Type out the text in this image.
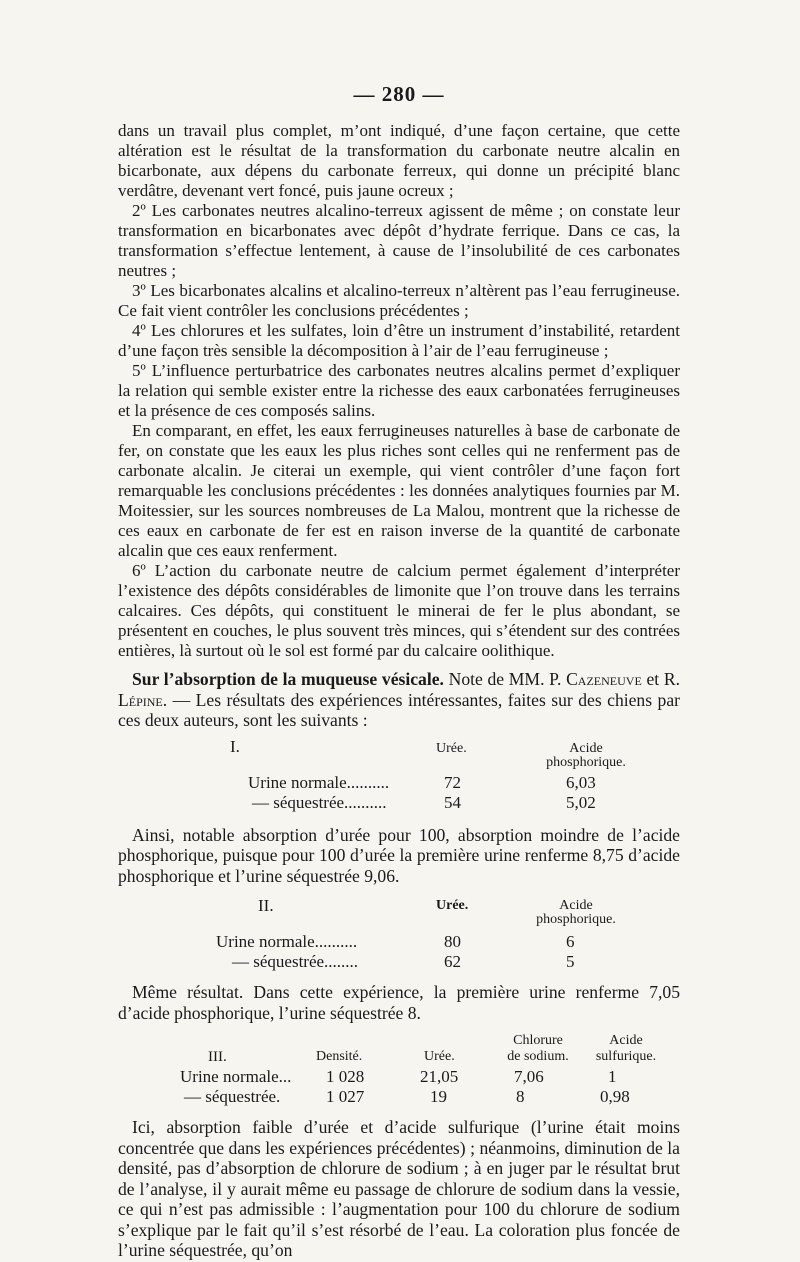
— 280 —

dans un travail plus complet, m’ont indiqué, d’une façon certaine, que cette altération est le résultat de la transformation du carbonate neutre alcalin en bicarbonate, aux dépens du carbonate ferreux, qui donne un précipité blanc verdâtre, devenant vert foncé, puis jaune ocreux ;

2º Les carbonates neutres alcalino-terreux agissent de même ; on constate leur transformation en bicarbonates avec dépôt d’hydrate ferrique. Dans ce cas, la transformation s’effectue lentement, à cause de l’insolubilité de ces carbonates neutres ;

3º Les bicarbonates alcalins et alcalino-terreux n’altèrent pas l’eau ferrugineuse. Ce fait vient contrôler les conclusions précédentes ;

4º Les chlorures et les sulfates, loin d’être un instrument d’instabilité, retardent d’une façon très sensible la décomposition à l’air de l’eau ferrugineuse ;

5º L’influence perturbatrice des carbonates neutres alcalins permet d’expliquer la relation qui semble exister entre la richesse des eaux carbonatées ferrugineuses et la présence de ces composés salins.

En comparant, en effet, les eaux ferrugineuses naturelles à base de carbonate de fer, on constate que les eaux les plus riches sont celles qui ne renferment pas de carbonate alcalin. Je citerai un exemple, qui vient contrôler d’une façon fort remarquable les conclusions précédentes : les données analytiques fournies par M. Moitessier, sur les sources nombreuses de La Malou, montrent que la richesse de ces eaux en carbonate de fer est en raison inverse de la quantité de carbonate alcalin que ces eaux renferment.

6º L’action du carbonate neutre de calcium permet également d’interpréter l’existence des dépôts considérables de limonite que l’on trouve dans les terrains calcaires. Ces dépôts, qui constituent le minerai de fer le plus abondant, se présentent en couches, le plus souvent très minces, qui s’étendent sur des contrées entières, là surtout où le sol est formé par du calcaire oolithique.

Sur l’absorption de la muqueuse vésicale. Note de MM. P. Cazeneuve et R. Lépine. — Les résultats des expériences intéressantes, faites sur des chiens par ces deux auteurs, sont les suivants :

I.	Urée.	Acide
phosphorique.
Urine normale..........	72	6,03
— séquestrée..........	54	5,02

Ainsi, notable absorption d’urée pour 100, absorption moindre de l’acide phosphorique, puisque pour 100 d’urée la première urine renferme 8,75 d’acide phosphorique et l’urine séquestrée 9,06.

II.	Urée.	Acide
phosphorique.
Urine normale..........	80	6
— séquestrée........	62	5

Même résultat. Dans cette expérience, la première urine renferme 7,05 d’acide phosphorique, l’urine séquestrée 8.

Chlorure	Acide
III.	Densité.	Urée.	de sodium.	sulfurique.
Urine normale... 1 028	21,05	7,06	1
— séquestrée.	1 027	19	8	0,98

Ici, absorption faible d’urée et d’acide sulfurique (l’urine était moins concentrée que dans les expériences précédentes) ; néanmoins, diminution de la densité, pas d’absorption de chlorure de sodium ; à en juger par le résultat brut de l’analyse, il y aurait même eu passage de chlorure de sodium dans la vessie, ce qui n’est pas admissible : l’augmentation pour 100 du chlorure de sodium s’explique par le fait qu’il s’est résorbé de l’eau. La coloration plus foncée de l’urine séquestrée, qu’on
